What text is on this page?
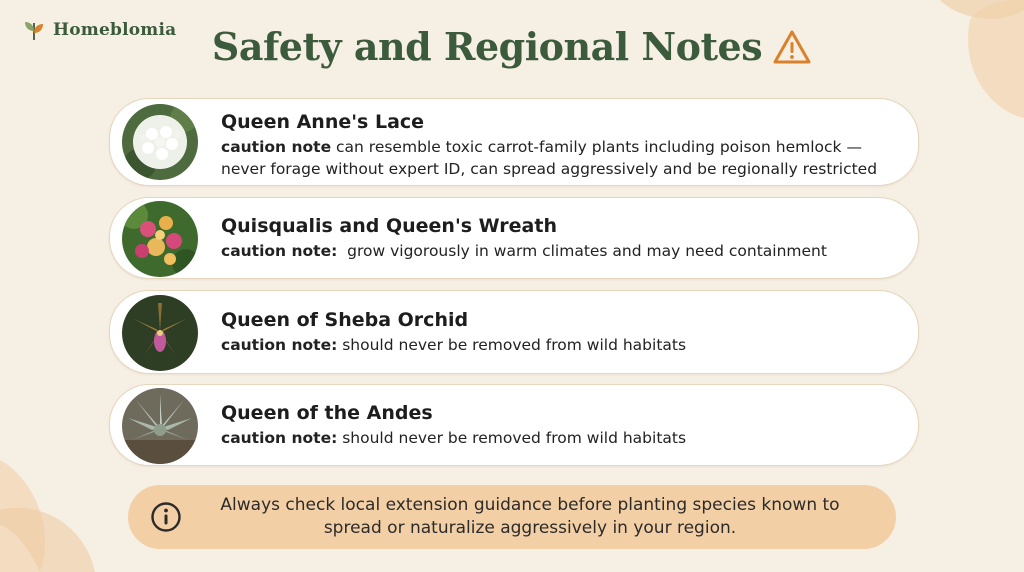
Homeblomia Safety and Regional Notes
Queen Anne's Lace
caution note can resemble toxic carrot-family plants including poison hemlock — never forage without expert ID, can spread aggressively and be regionally restricted
Quisqualis and Queen's Wreath
caution note:  grow vigorously in warm climates and may need containment
Queen of Sheba Orchid
caution note: should never be removed from wild habitats
Queen of the Andes
caution note: should never be removed from wild habitats
Always check local extension guidance before planting species known to spread or naturalize aggressively in your region.
